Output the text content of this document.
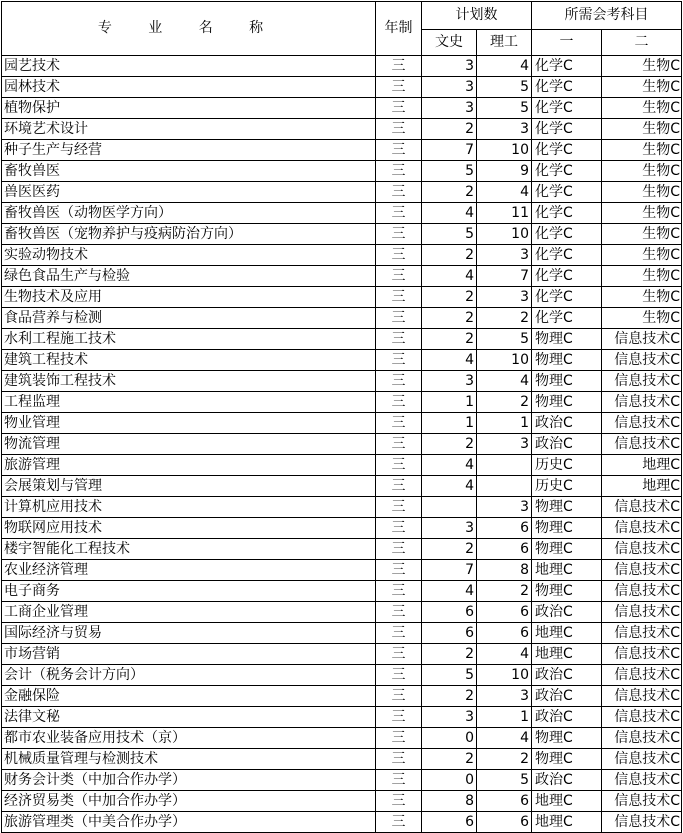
专 业 名 称	年制	计划数		所需会考科目	
		文史	理工	一	二
园艺技术	三	3	4	化学C	生物C
园林技术	三	3	5	化学C	生物C
植物保护	三	3	5	化学C	生物C
环境艺术设计	三	2	3	化学C	生物C
种子生产与经营	三	7	10	化学C	生物C
畜牧兽医	三	5	9	化学C	生物C
兽医医药	三	2	4	化学C	生物C
畜牧兽医（动物医学方向）	三	4	11	化学C	生物C
畜牧兽医（宠物养护与疫病防治方向）	三	5	10	化学C	生物C
实验动物技术	三	2	3	化学C	生物C
绿色食品生产与检验	三	4	7	化学C	生物C
生物技术及应用	三	2	3	化学C	生物C
食品营养与检测	三	2	2	化学C	生物C
水利工程施工技术	三	2	5	物理C	信息技术C
建筑工程技术	三	4	10	物理C	信息技术C
建筑装饰工程技术	三	3	4	物理C	信息技术C
工程监理	三	1	2	物理C	信息技术C
物业管理	三	1	1	政治C	信息技术C
物流管理	三	2	3	政治C	信息技术C
旅游管理	三	4		历史C	地理C
会展策划与管理	三	4		历史C	地理C
计算机应用技术	三		3	物理C	信息技术C
物联网应用技术	三	3	6	物理C	信息技术C
楼宇智能化工程技术	三	2	6	物理C	信息技术C
农业经济管理	三	7	8	地理C	信息技术C
电子商务	三	4	2	物理C	信息技术C
工商企业管理	三	6	6	政治C	信息技术C
国际经济与贸易	三	6	6	地理C	信息技术C
市场营销	三	2	4	地理C	信息技术C
会计（税务会计方向）	三	5	10	政治C	信息技术C
金融保险	三	2	3	政治C	信息技术C
法律文秘	三	3	1	政治C	信息技术C
都市农业装备应用技术（京）	三	0	4	物理C	信息技术C
机械质量管理与检测技术	三	2	2	物理C	信息技术C
财务会计类（中加合作办学）	三	0	5	政治C	信息技术C
经济贸易类（中加合作办学）	三	8	6	地理C	信息技术C
旅游管理类（中美合作办学）	三	6	6	地理C	信息技术C
